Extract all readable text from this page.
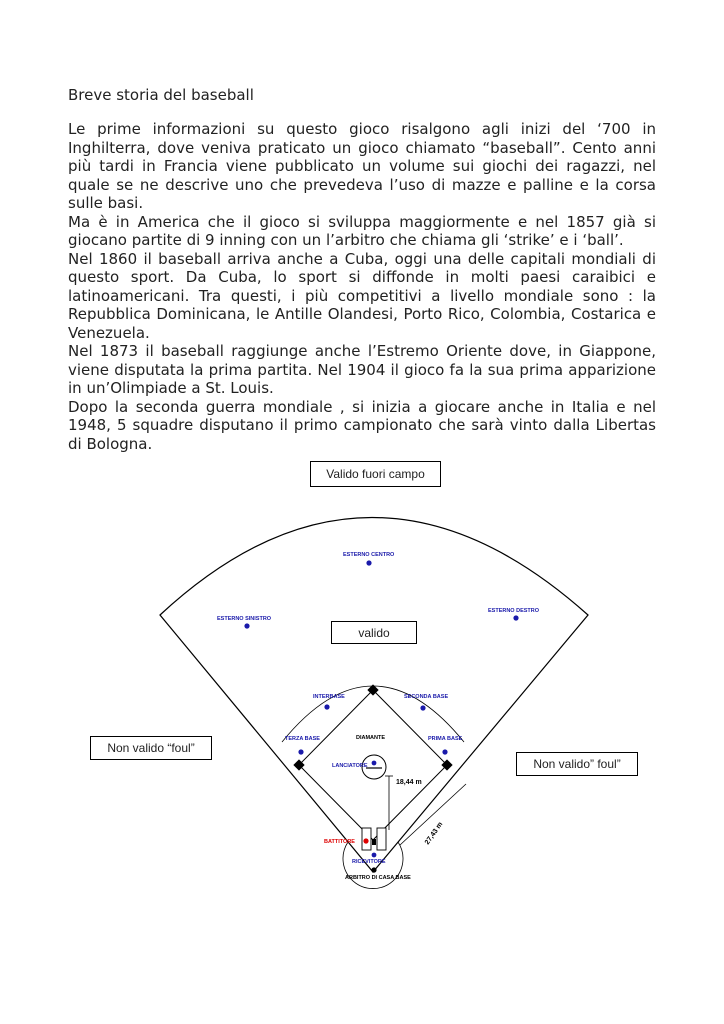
Breve storia del baseball
Le prime informazioni su questo gioco risalgono agli inizi del ‘700 in Inghilterra, dove veniva praticato un gioco chiamato “baseball”. Cento anni più tardi in Francia viene pubblicato un volume sui giochi dei ragazzi, nel quale se ne descrive uno che prevedeva l’uso di mazze e palline e la corsa sulle basi.
Ma è in America che il gioco si sviluppa maggiormente e nel 1857 già si giocano partite di 9 inning con un l’arbitro che chiama gli ‘strike’ e i ‘ball’.
Nel 1860 il baseball arriva anche a Cuba, oggi una delle capitali mondiali di questo sport. Da Cuba, lo sport si diffonde in molti paesi caraibici e latinoamericani. Tra questi, i più competitivi a livello mondiale sono : la Repubblica Dominicana, le Antille Olandesi, Porto Rico, Colombia, Costarica e Venezuela.
Nel 1873 il baseball raggiunge anche l’Estremo Oriente dove, in Giappone, viene disputata la prima partita. Nel 1904 il gioco fa la sua prima apparizione in un’Olimpiade a St. Louis.
Dopo la seconda guerra mondiale , si inizia a giocare anche in Italia e nel 1948, 5 squadre disputano il primo campionato che sarà vinto dalla Libertas di Bologna.
18,44 m
27,43 m
ESTERNO CENTRO
ESTERNO SINISTRO
ESTERNO DESTRO
INTERBASE	SECONDA BASE
TERZA BASE	PRIMA BASE
DIAMANTE
LANCIATORE
BATTITORE
RICEVITORE
ARBITRO DI CASA BASE
Valido fuori campo
valido
Non valido “foul”
Non valido” foul”
